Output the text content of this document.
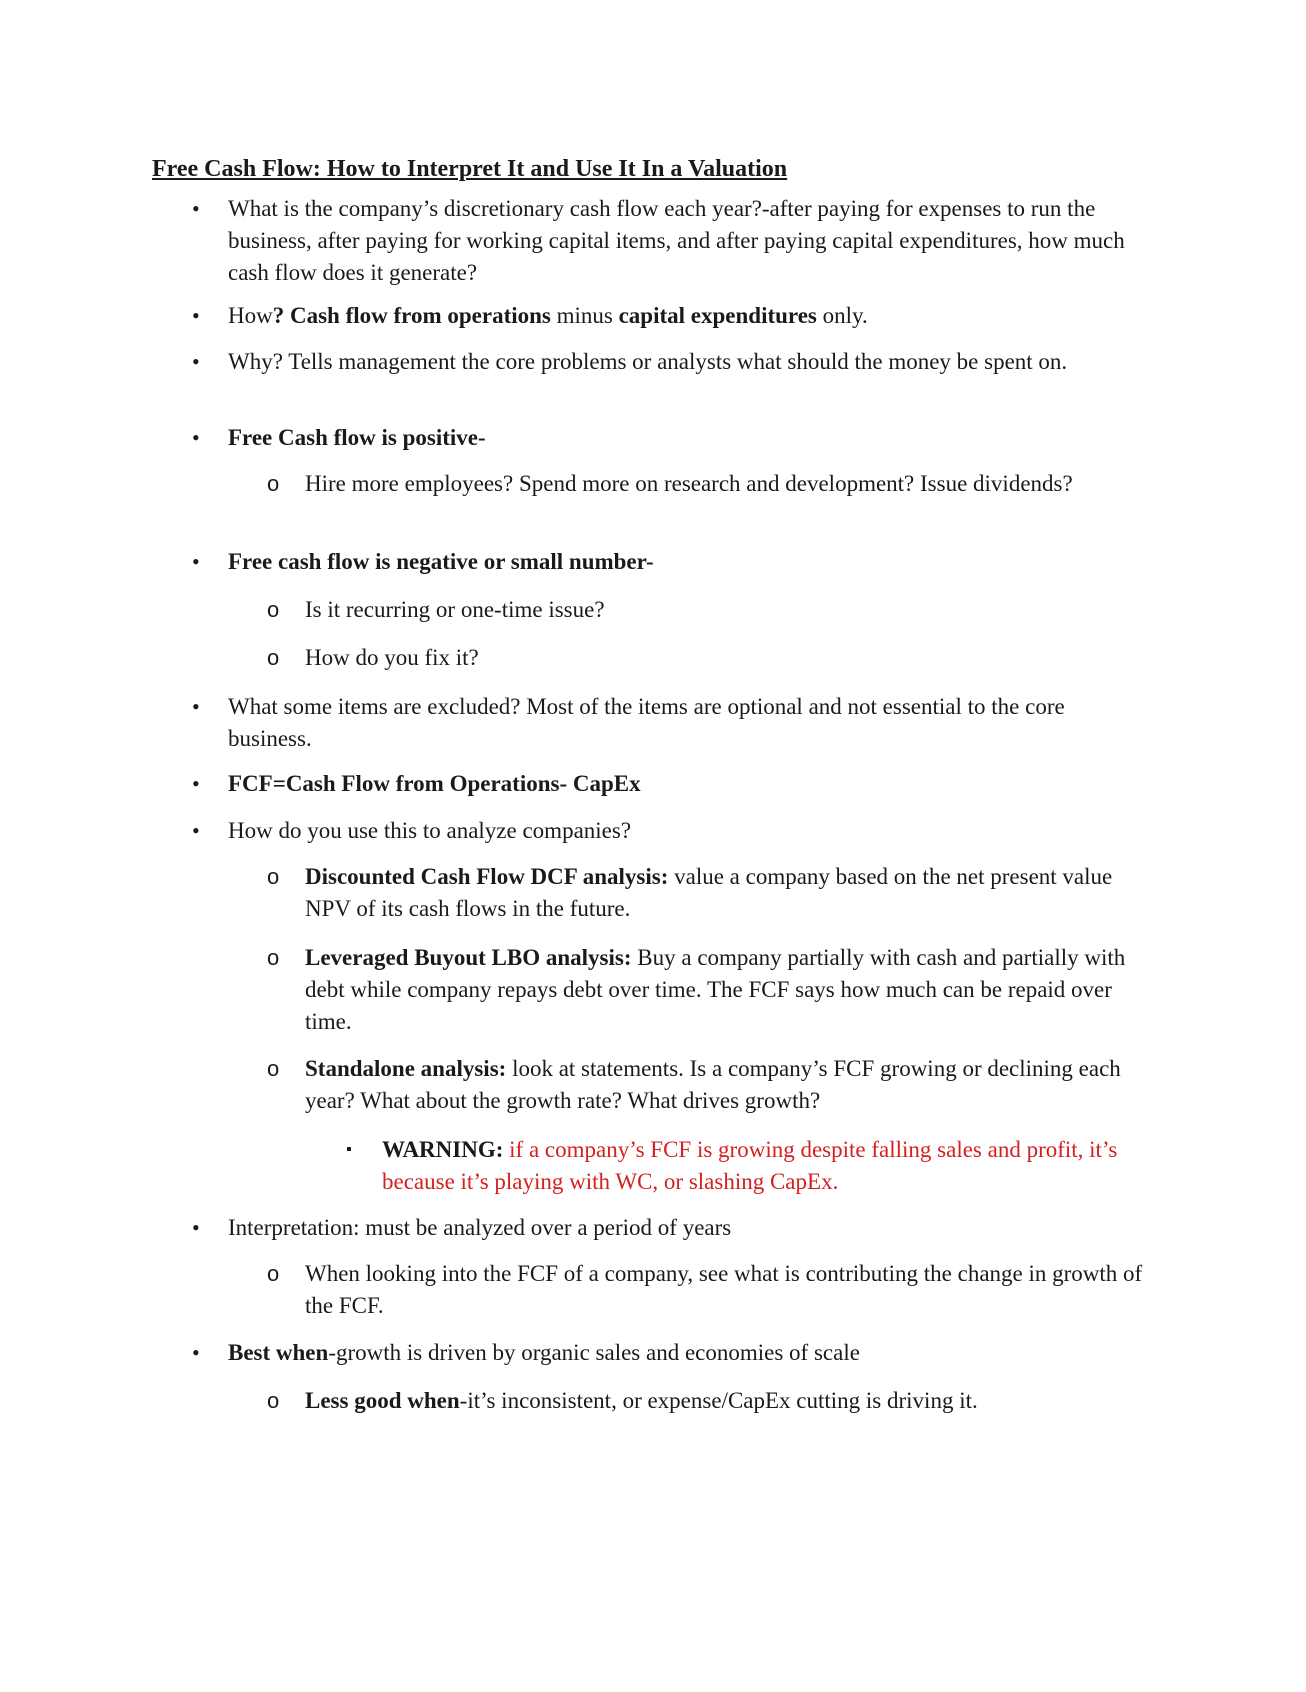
Free Cash Flow: How to Interpret It and Use It In a Valuation
• What is the company’s discretionary cash flow each year?-after paying for expenses to run the business, after paying for working capital items, and after paying capital expenditures, how much cash flow does it generate?
• How? Cash flow from operations minus capital expenditures only.
• Why? Tells management the core problems or analysts what should the money be spent on.
• Free Cash flow is positive-
o Hire more employees? Spend more on research and development? Issue dividends?
• Free cash flow is negative or small number-
o Is it recurring or one-time issue?
o How do you fix it?
• What some items are excluded? Most of the items are optional and not essential to the core business.
• FCF=Cash Flow from Operations- CapEx
• How do you use this to analyze companies?
o Discounted Cash Flow DCF analysis: value a company based on the net present value NPV of its cash flows in the future.
o Leveraged Buyout LBO analysis: Buy a company partially with cash and partially with debt while company repays debt over time. The FCF says how much can be repaid over time.
o Standalone analysis: look at statements. Is a company’s FCF growing or declining each year? What about the growth rate? What drives growth?
▪ WARNING: if a company’s FCF is growing despite falling sales and profit, it’s because it’s playing with WC, or slashing CapEx.
• Interpretation: must be analyzed over a period of years
o When looking into the FCF of a company, see what is contributing the change in growth of the FCF.
• Best when-growth is driven by organic sales and economies of scale
o Less good when-it’s inconsistent, or expense/CapEx cutting is driving it.
